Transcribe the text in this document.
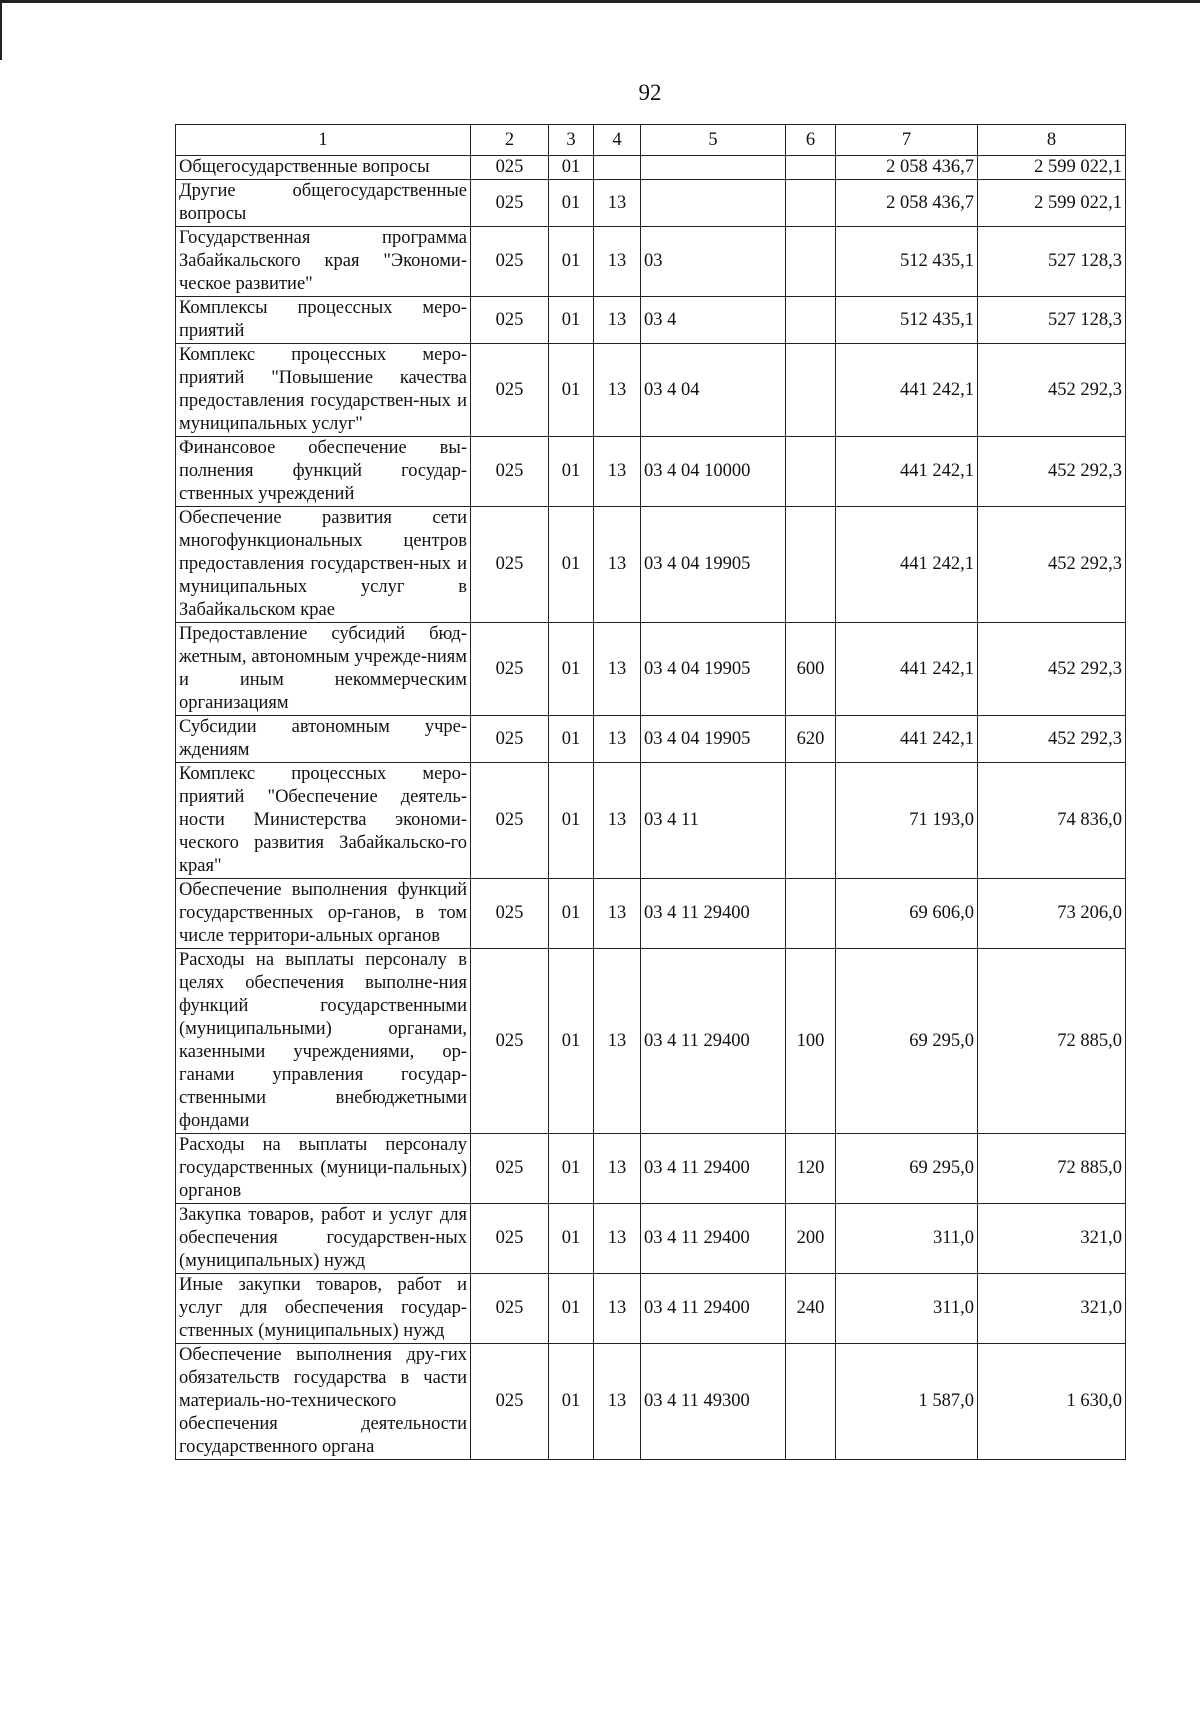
92
1	2	3	4	5	6	7	8
Общегосударственные вопросы	025	01				2 058 436,7	2 599 022,1
Другие общегосударственные вопросы	025	01	13			2 058 436,7	2 599 022,1
Государственная программа Забайкальского края "Экономи-ческое развитие"	025	01	13	03		512 435,1	527 128,3
Комплексы процессных меро-приятий	025	01	13	03 4		512 435,1	527 128,3
Комплекс процессных меро-приятий "Повышение качества предоставления государствен-ных и муниципальных услуг"	025	01	13	03 4 04		441 242,1	452 292,3
Финансовое обеспечение вы-полнения функций государ-ственных учреждений	025	01	13	03 4 04 10000		441 242,1	452 292,3
Обеспечение развития сети многофункциональных центров предоставления государствен-ных и муниципальных услуг в Забайкальском крае	025	01	13	03 4 04 19905		441 242,1	452 292,3
Предоставление субсидий бюд-жетным, автономным учрежде-ниям и иным некоммерческим организациям	025	01	13	03 4 04 19905	600	441 242,1	452 292,3
Субсидии автономным учре-ждениям	025	01	13	03 4 04 19905	620	441 242,1	452 292,3
Комплекс процессных меро-приятий "Обеспечение деятель-ности Министерства экономи-ческого развития Забайкальско-го края"	025	01	13	03 4 11		71 193,0	74 836,0
Обеспечение выполнения функций государственных ор-ганов, в том числе территори-альных органов	025	01	13	03 4 11 29400		69 606,0	73 206,0
Расходы на выплаты персоналу в целях обеспечения выполне-ния функций государственными (муниципальными) органами, казенными учреждениями, ор-ганами управления государ-ственными внебюджетными фондами	025	01	13	03 4 11 29400	100	69 295,0	72 885,0
Расходы на выплаты персоналу государственных (муници-пальных) органов	025	01	13	03 4 11 29400	120	69 295,0	72 885,0
Закупка товаров, работ и услуг для обеспечения государствен-ных (муниципальных) нужд	025	01	13	03 4 11 29400	200	311,0	321,0
Иные закупки товаров, работ и услуг для обеспечения государ-ственных (муниципальных) нужд	025	01	13	03 4 11 29400	240	311,0	321,0
Обеспечение выполнения дру-гих обязательств государства в части материаль-но-технического обеспечения деятельности государственного органа	025	01	13	03 4 11 49300		1 587,0	1 630,0
